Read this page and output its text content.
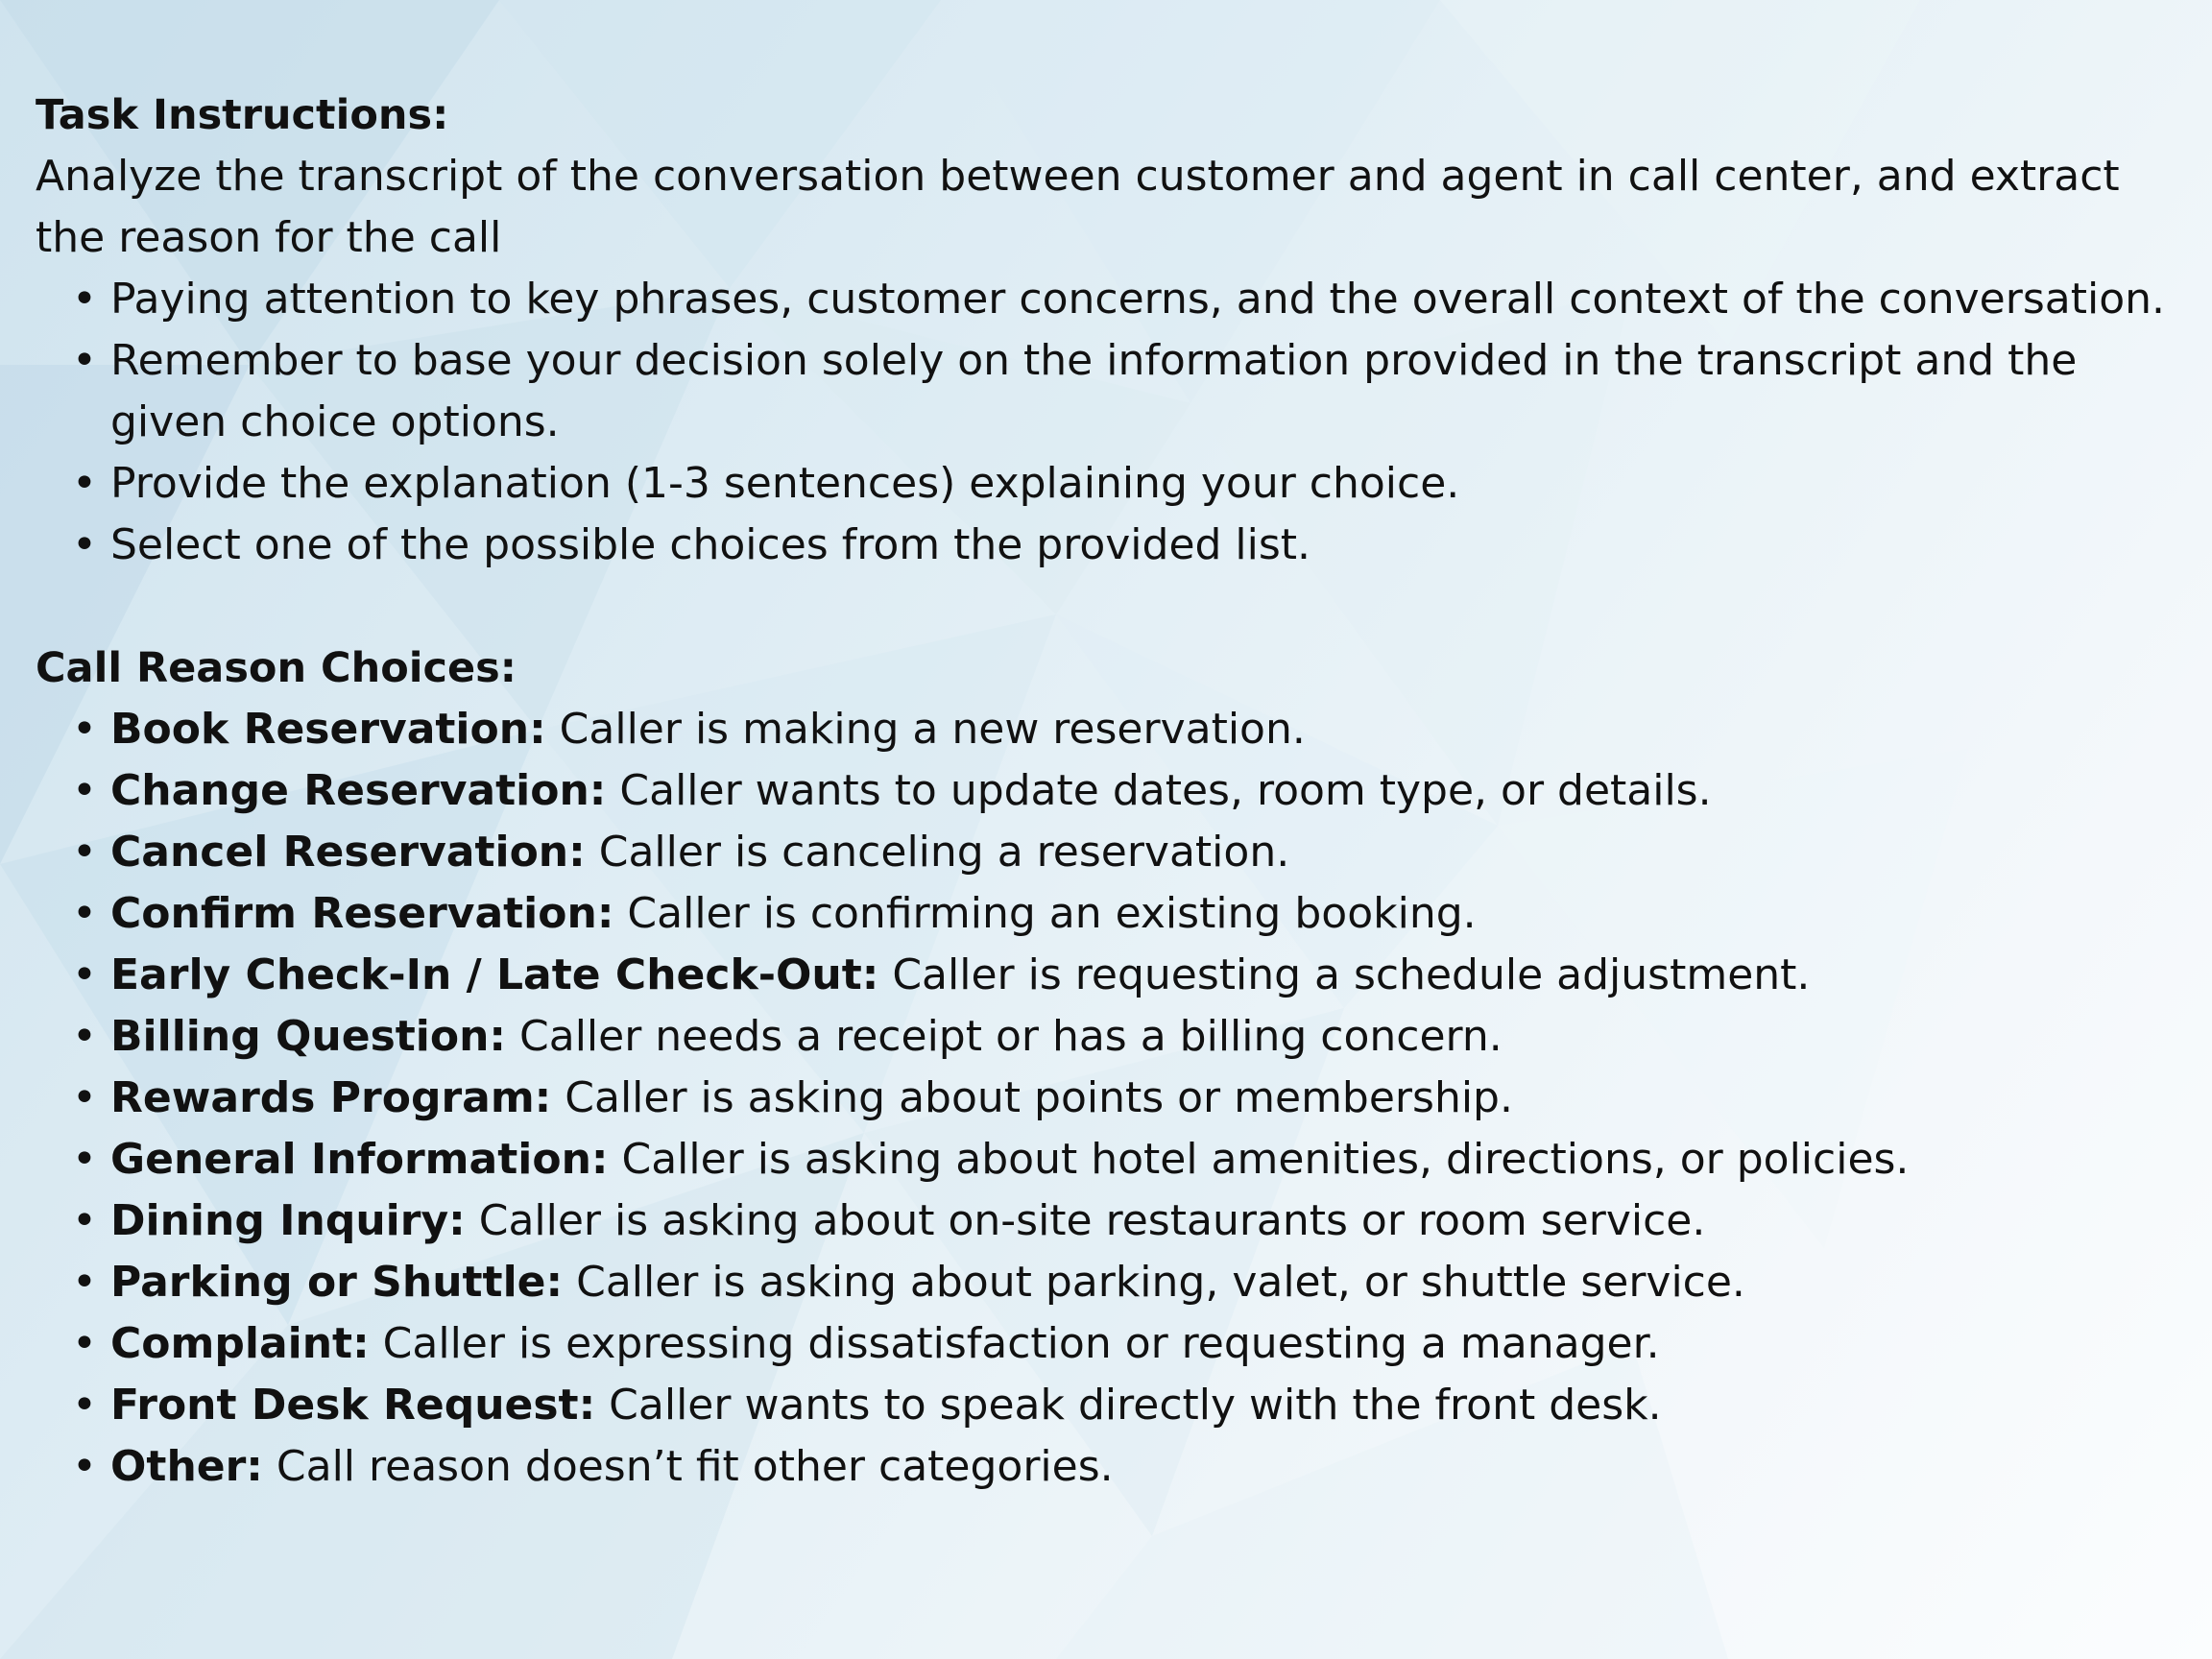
Task Instructions:

Analyze the transcript of the conversation between customer and agent in call center, and extract the reason for the call

•
Paying attention to key phrases, customer concerns, and the overall context of the conversation.
•
Remember to base your decision solely on the information provided in the transcript and the given choice options.
•
Provide the explanation (1-3 sentences) explaining your choice.
•
Select one of the possible choices from the provided list.

Call Reason Choices:

•
Book Reservation: Caller is making a new reservation.
•
Change Reservation: Caller wants to update dates, room type, or details.
•
Cancel Reservation: Caller is canceling a reservation.
•
Confirm Reservation: Caller is confirming an existing booking.
•
Early Check-In / Late Check-Out: Caller is requesting a schedule adjustment.
•
Billing Question: Caller needs a receipt or has a billing concern.
•
Rewards Program: Caller is asking about points or membership.
•
General Information: Caller is asking about hotel amenities, directions, or policies.
•
Dining Inquiry: Caller is asking about on-site restaurants or room service.
•
Parking or Shuttle: Caller is asking about parking, valet, or shuttle service.
•
Complaint: Caller is expressing dissatisfaction or requesting a manager.
•
Front Desk Request: Caller wants to speak directly with the front desk.
•
Other: Call reason doesn’t fit other categories.
